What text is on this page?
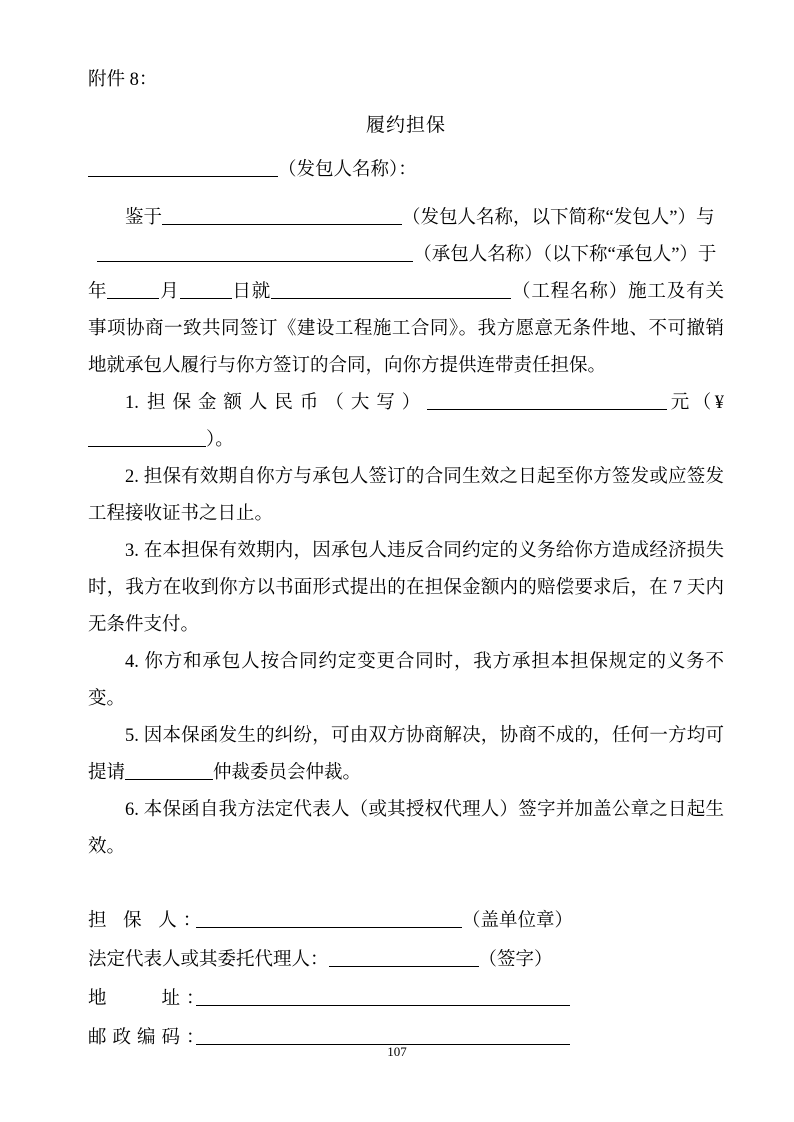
附件 8：
履约担保
（发包人名称）：
鉴于	（发包人名称，以下简称“发包人”）与
（承包人名称）（以下称“承包人”）于
年	月	日就	（工程名称）施工及有关事项协商一致共同签订《建设工程施工合同》。我方愿意无条件地、不可撤销地就承包人履行与你方签订的合同，向你方提供连带责任担保。
1. 担保金额人民币（大写）	元（¥）。
2. 担保有效期自你方与承包人签订的合同生效之日起至你方签发或应签发工程接收证书之日止。
3. 在本担保有效期内，因承包人违反合同约定的义务给你方造成经济损失时，我方在收到你方以书面形式提出的在担保金额内的赔偿要求后，在 7 天内无条件支付。
4. 你方和承包人按合同约定变更合同时，我方承担本担保规定的义务不变。
5. 因本保函发生的纠纷，可由双方协商解决，协商不成的，任何一方均可提请	仲裁委员会仲裁。
6. 本保函自我方法定代表人（或其授权代理人）签字并加盖公章之日起生效。
担 保 人：	（盖单位章）
法定代表人或其委托代理人：	（签字）
地　　址：
邮政编码：
107
